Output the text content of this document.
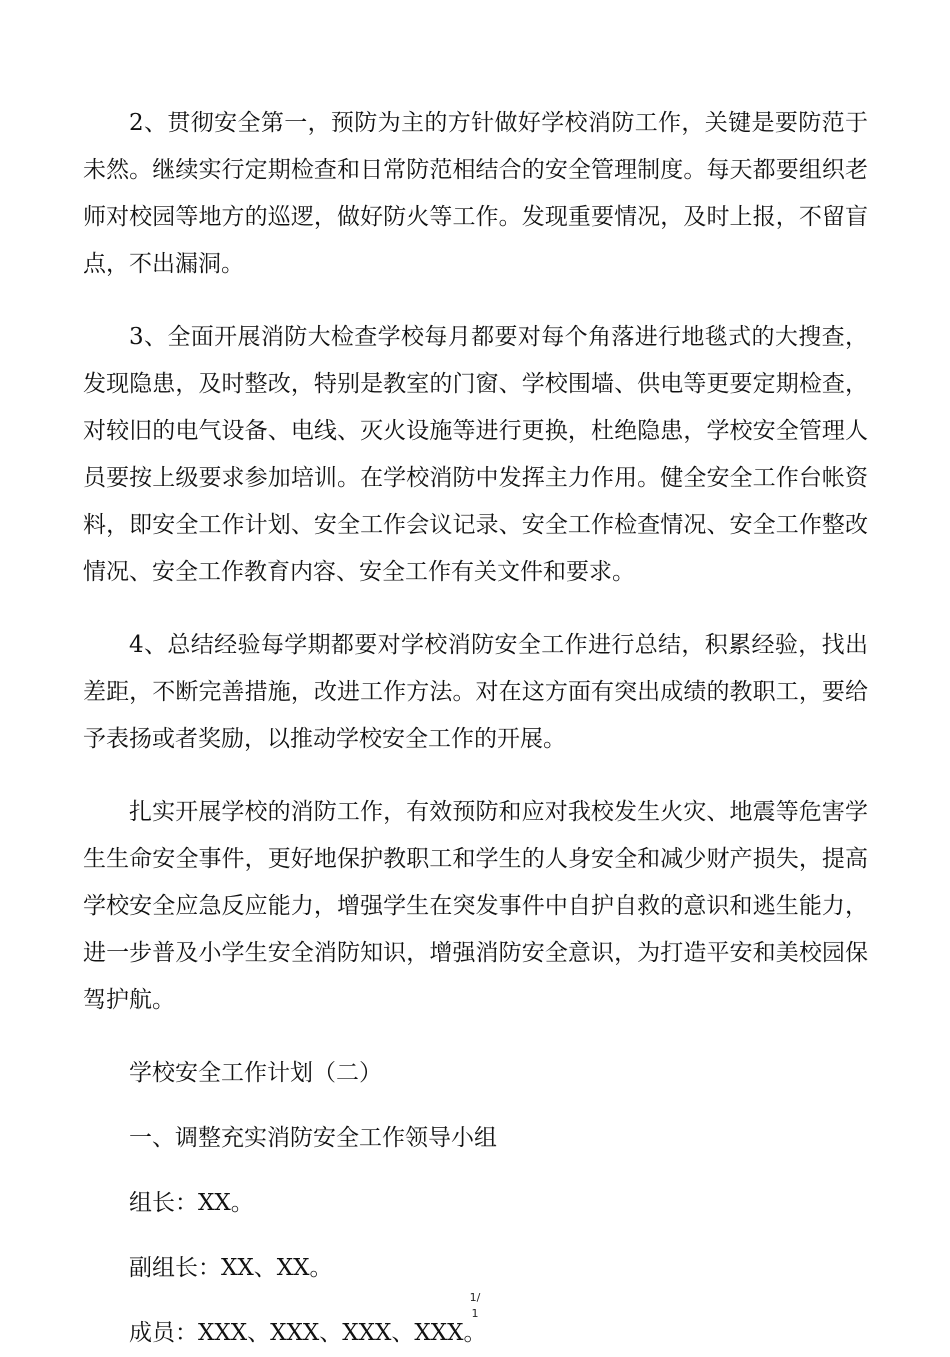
2、贯彻安全第一，预防为主的方针做好学校消防工作，关键是要防范于未然。继续实行定期检查和日常防范相结合的安全管理制度。每天都要组织老师对校园等地方的巡逻，做好防火等工作。发现重要情况，及时上报，不留盲点，不出漏洞。

3、全面开展消防大检查学校每月都要对每个角落进行地毯式的大搜查，发现隐患，及时整改，特别是教室的门窗、学校围墙、供电等更要定期检查，对较旧的电气设备、电线、灭火设施等进行更换，杜绝隐患，学校安全管理人员要按上级要求参加培训。在学校消防中发挥主力作用。健全安全工作台帐资料，即安全工作计划、安全工作会议记录、安全工作检查情况、安全工作整改情况、安全工作教育内容、安全工作有关文件和要求。

4、总结经验每学期都要对学校消防安全工作进行总结，积累经验，找出差距，不断完善措施，改进工作方法。对在这方面有突出成绩的教职工，要给予表扬或者奖励，以推动学校安全工作的开展。

扎实开展学校的消防工作，有效预防和应对我校发生火灾、地震等危害学生生命安全事件，更好地保护教职工和学生的人身安全和减少财产损失，提高学校安全应急反应能力，增强学生在突发事件中自护自救的意识和逃生能力，进一步普及小学生安全消防知识，增强消防安全意识，为打造平安和美校园保驾护航。

学校安全工作计划（二）

一、调整充实消防安全工作领导小组

组长：XX。

副组长：XX、XX。

成员：XXX、XXX、XXX、XXX。

1/
1
